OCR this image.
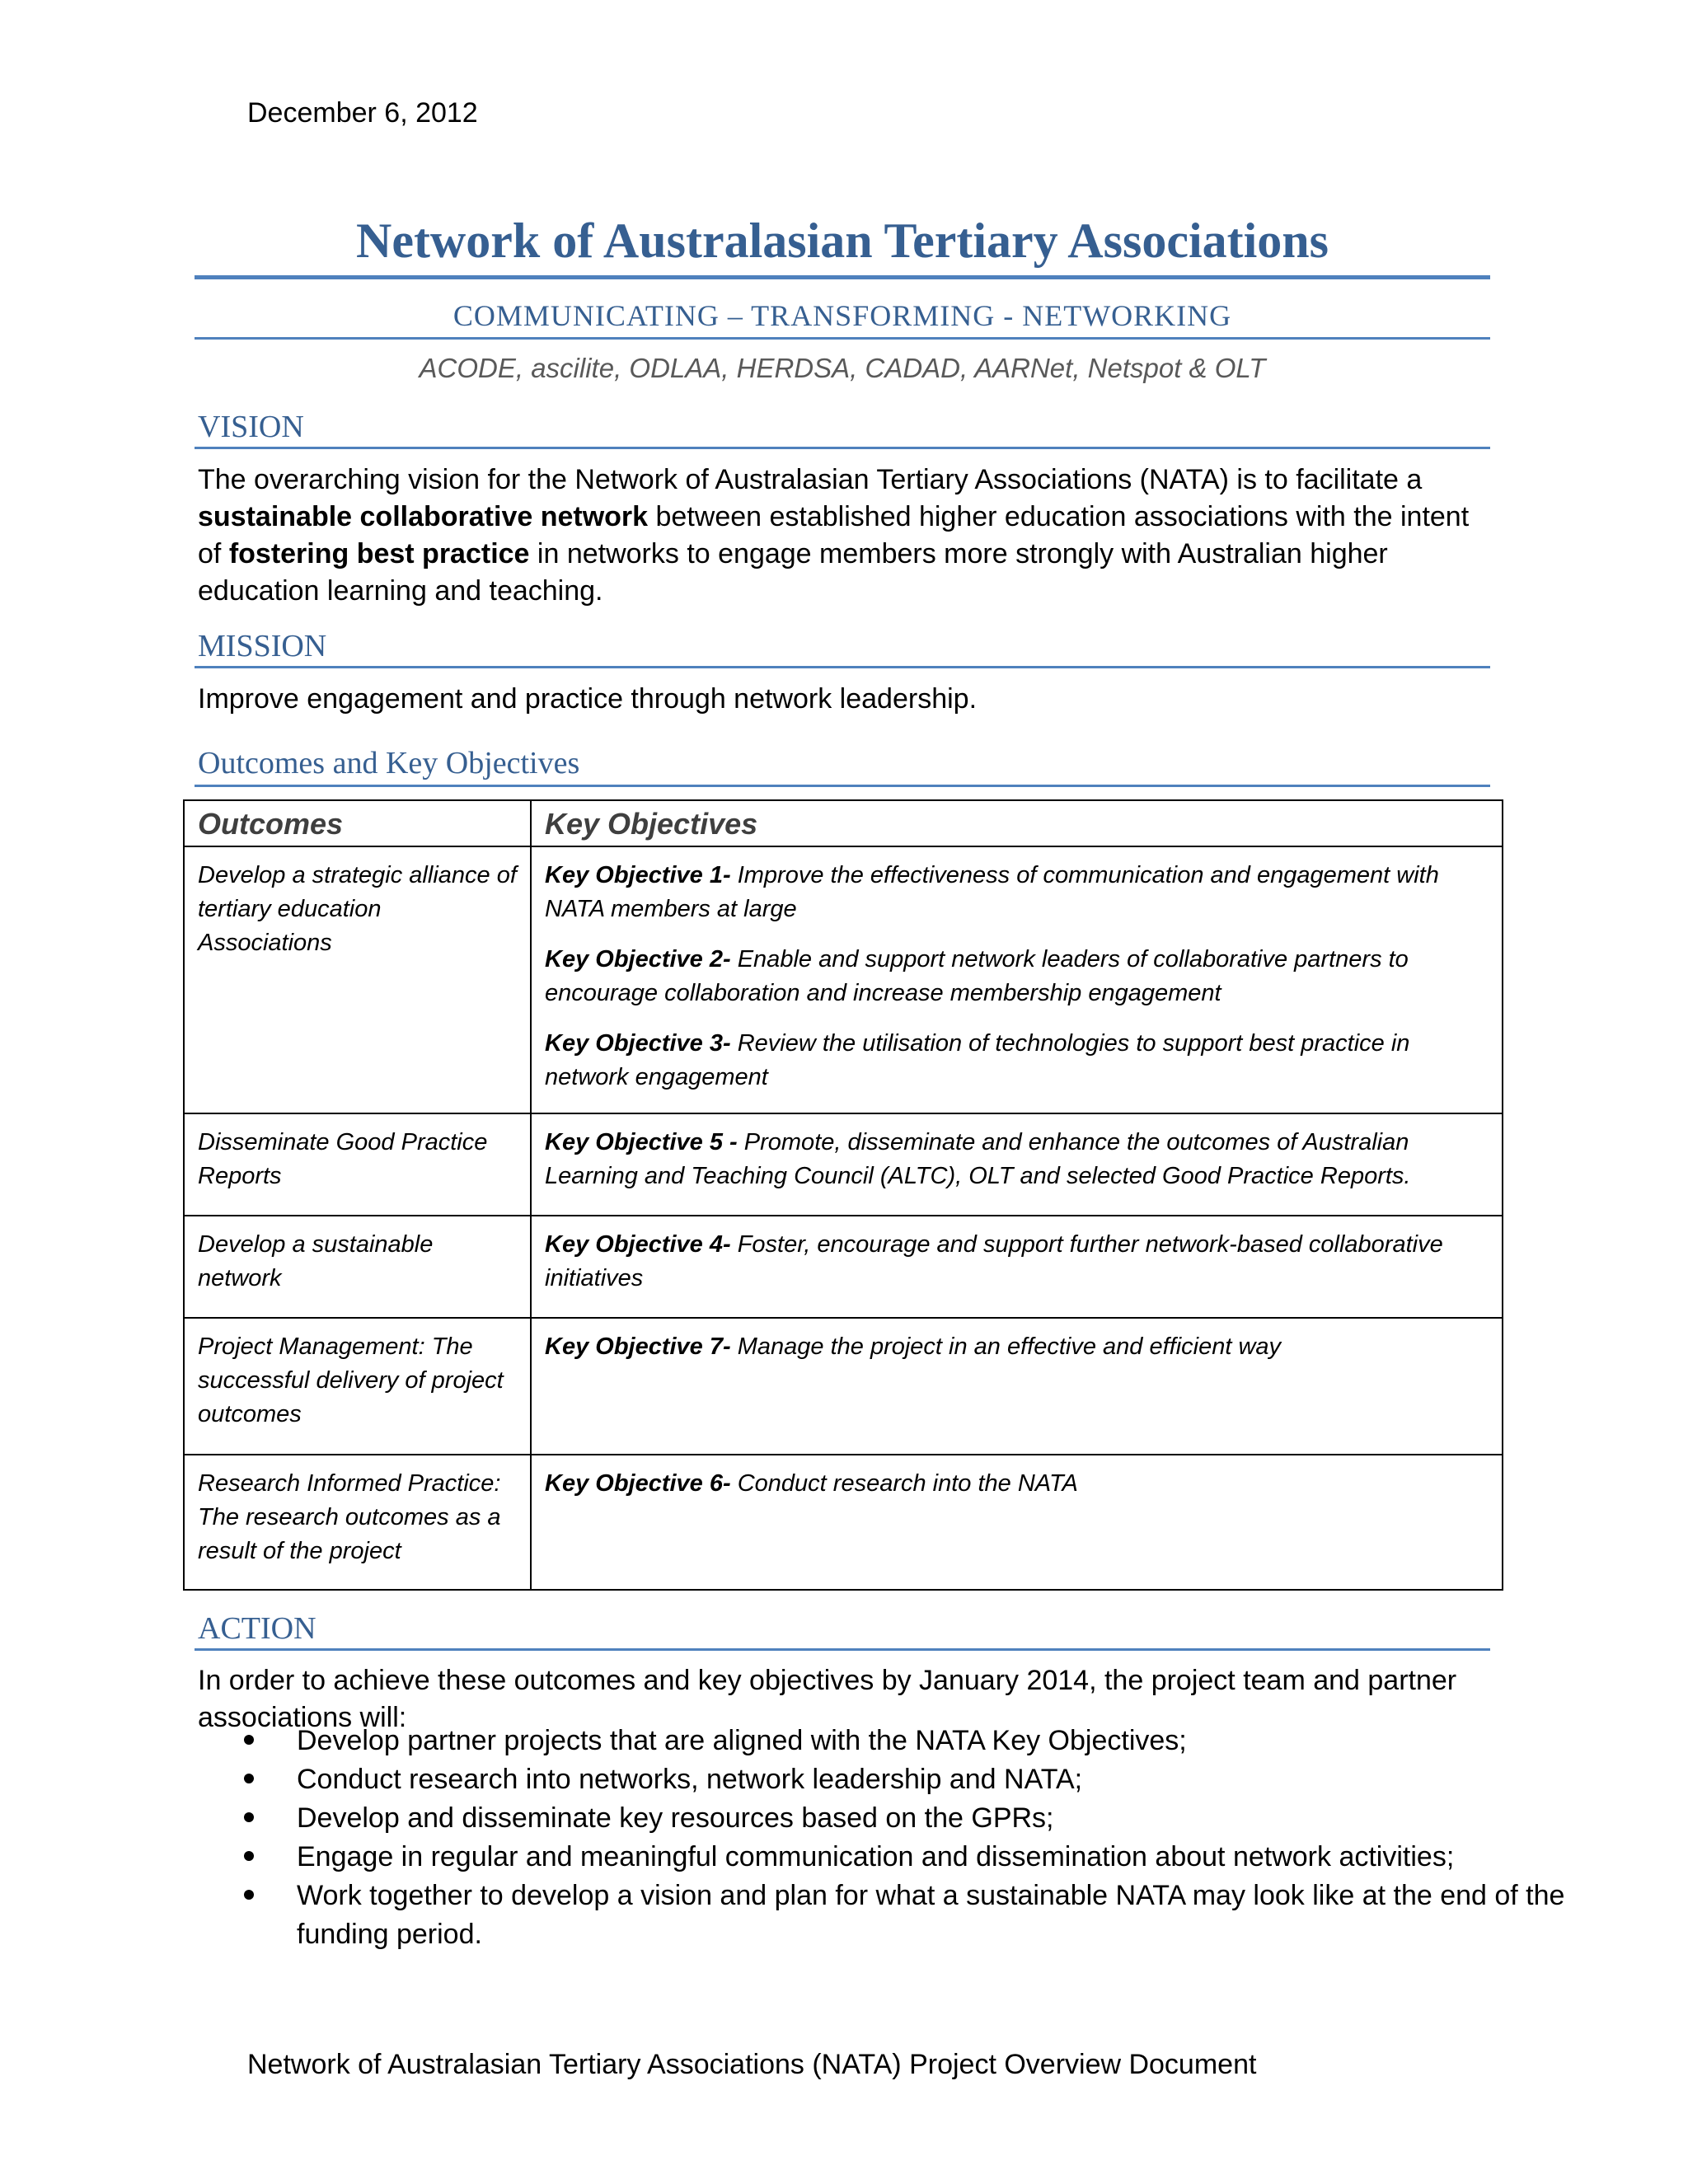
December 6, 2012
Network of Australasian Tertiary Associations
COMMUNICATING – TRANSFORMING - NETWORKING
ACODE, ascilite, ODLAA, HERDSA, CADAD, AARNet, Netspot & OLT
VISION
The overarching vision for the Network of Australasian Tertiary Associations (NATA) is to facilitate a sustainable collaborative network between established higher education associations with the intent of fostering best practice in networks to engage members more strongly with Australian higher education learning and teaching.
MISSION
Improve engagement and practice through network leadership.
Outcomes and Key Objectives
Outcomes	Key Objectives
Develop a strategic alliance of tertiary education Associations	Key Objective 1- Improve the effectiveness of communication and engagement with NATA members at large

Key Objective 2- Enable and support network leaders of collaborative partners to encourage collaboration and increase membership engagement

Key Objective 3- Review the utilisation of technologies to support best practice in network engagement

Disseminate Good Practice Reports	Key Objective 5 - Promote, disseminate and enhance the outcomes of Australian Learning and Teaching Council (ALTC), OLT and selected Good Practice Reports.

Develop a sustainable network	Key Objective 4- Foster, encourage and support further network-based collaborative initiatives

Project Management: The successful delivery of project outcomes	Key Objective 7- Manage the project in an effective and efficient way

Research Informed Practice: The research outcomes as a result of the project	Key Objective 6- Conduct research into the NATA

ACTION
In order to achieve these outcomes and key objectives by January 2014, the project team and partner associations will:
Develop partner projects that are aligned with the NATA Key Objectives;
Conduct research into networks, network leadership and NATA;
Develop and disseminate key resources based on the GPRs;
Engage in regular and meaningful communication and dissemination about network activities;
Work together to develop a vision and plan for what a sustainable NATA may look like at the end of the funding period.
Network of Australasian Tertiary Associations (NATA) Project Overview Document
